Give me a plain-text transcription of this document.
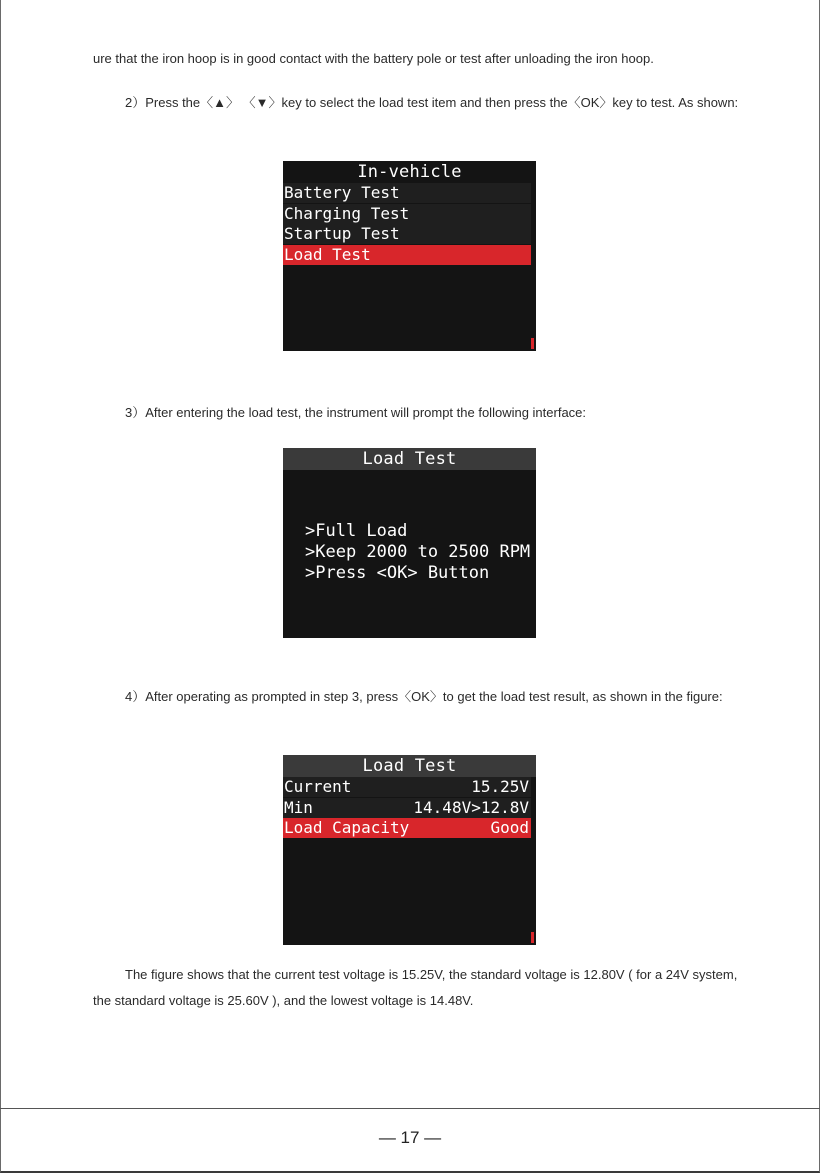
ure that the iron hoop is in good contact with the battery pole or test after unloading the iron hoop.

2）Press the〈▲〉 〈▼〉key to select the load test item and then press the〈OK〉key to test. As shown:

In-vehicle
Battery Test
Charging Test
Startup Test
Load Test

3）After entering the load test, the instrument will prompt the following interface:

Load Test
>Full Load
>Keep 2000 to 2500 RPM
>Press <OK> Button

4）After operating as prompted in step 3, press〈OK〉to get the load test result, as shown in the figure:

Load Test
Current	15.25V
Min	14.48V>12.8V
Load Capacity	Good

The figure shows that the current test voltage is 15.25V, the standard voltage is 12.80V ( for a 24V system, the standard voltage is 25.60V ), and the lowest voltage is 14.48V.

— 17 —
